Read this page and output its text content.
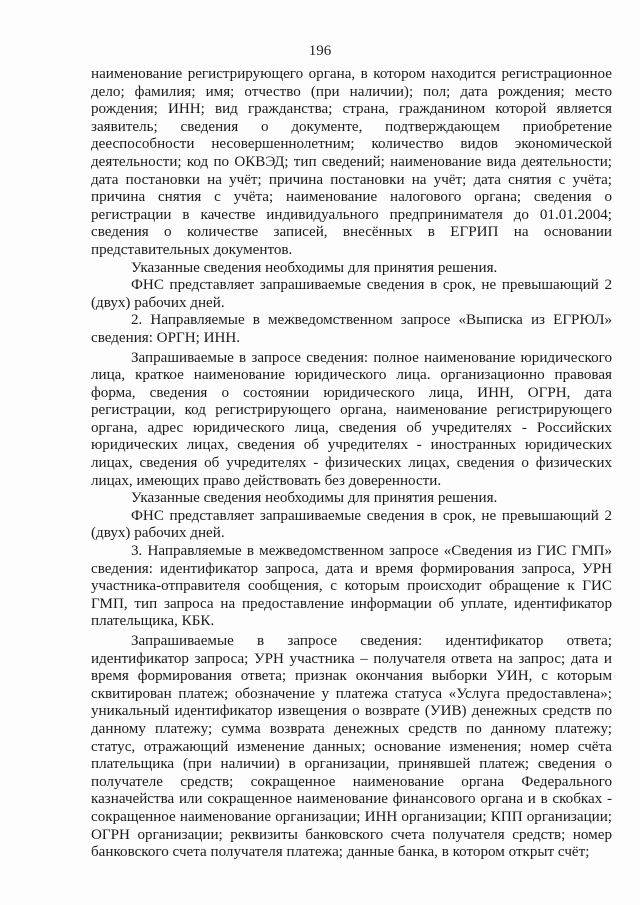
196

наименование регистрирующего органа, в котором находится регистрационное дело; фамилия; имя; отчество (при наличии); пол; дата рождения; место рождения; ИНН; вид гражданства; страна, гражданином которой является заявитель; сведения о документе, подтверждающем приобретение дееспособности несовершеннолетним; количество видов экономической деятельности; код по ОКВЭД; тип сведений; наименование вида деятельности; дата постановки на учёт; причина постановки на учёт; дата снятия с учёта; причина снятия с учёта; наименование налогового органа; сведения о регистрации в качестве индивидуального предпринимателя до 01.01.2004; сведения о количестве записей, внесённых в ЕГРИП на основании представительных документов.

Указанные сведения необходимы для принятия решения.

ФНС представляет запрашиваемые сведения в срок, не превышающий 2 (двух) рабочих дней.

2. Направляемые в межведомственном запросе «Выписка из ЕГРЮЛ» сведения: ОРГН; ИНН.

Запрашиваемые в запросе сведения: полное наименование юридического лица, краткое наименование юридического лица. организационно правовая форма, сведения о состоянии юридического лица, ИНН, ОГРН, дата регистрации, код регистрирующего органа, наименование регистрирующего органа, адрес юридического лица, сведения об учредителях - Российских юридических лицах, сведения об учредителях - иностранных юридических лицах, сведения об учредителях - физических лицах, сведения о физических лицах, имеющих право действовать без доверенности.

Указанные сведения необходимы для принятия решения.

ФНС представляет запрашиваемые сведения в срок, не превышающий 2 (двух) рабочих дней.

3. Направляемые в межведомственном запросе «Сведения из ГИС ГМП» сведения: идентификатор запроса, дата и время формирования запроса, УРН участника-отправителя сообщения, с которым происходит обращение к ГИС ГМП, тип запроса на предоставление информации об уплате, идентификатор плательщика, КБК.

Запрашиваемые в запросе сведения: идентификатор ответа; идентификатор запроса; УРН участника – получателя ответа на запрос; дата и время формирования ответа; признак окончания выборки УИН, с которым сквитирован платеж; обозначение у платежа статуса «Услуга предоставлена»; уникальный идентификатор извещения о возврате (УИВ) денежных средств по данному платежу; сумма возврата денежных средств по данному платежу; статус, отражающий изменение данных; основание изменения; номер счёта плательщика (при наличии) в организации, принявшей платеж; сведения о получателе средств; сокращенное наименование органа Федерального казначейства или сокращенное наименование финансового органа и в скобках - сокращенное наименование организации; ИНН организации; КПП организации; ОГРН организации; реквизиты банковского счета получателя средств; номер банковского счета получателя платежа; данные банка, в котором открыт счёт;
